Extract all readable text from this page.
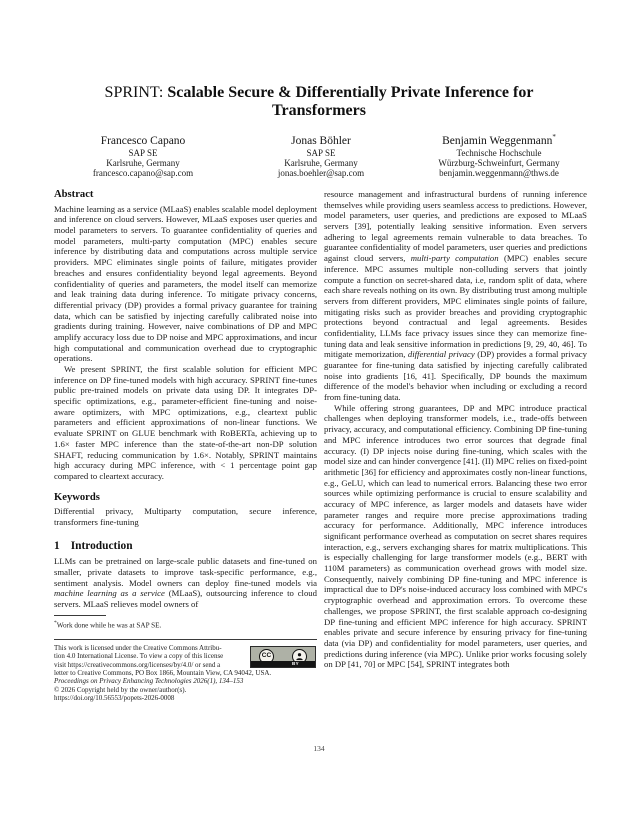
SPRINT: Scalable Secure & Differentially Private Inference for
Transformers
Francesco Capano
SAP SE
Karlsruhe, Germany
francesco.capano@sap.com
Jonas Böhler
SAP SE
Karlsruhe, Germany
jonas.boehler@sap.com
Benjamin Weggenmann*
Technische Hochschule
Würzburg-Schweinfurt, Germany
benjamin.weggenmann@thws.de
Abstract

Machine learning as a service (MLaaS) enables scalable model deployment and inference on cloud servers. However, MLaaS exposes user queries and model parameters to servers. To guarantee confidentiality of queries and model parameters, multi-party computation (MPC) enables secure inference by distributing data and computations across multiple service providers. MPC eliminates single points of failure, mitigates provider breaches and ensures confidentiality beyond legal agreements. Beyond confidentiality of queries and parameters, the model itself can memorize and leak training data during inference. To mitigate privacy concerns, differential privacy (DP) provides a formal privacy guarantee for training data, which can be satisfied by injecting carefully calibrated noise into gradients during training. However, naive combinations of DP and MPC amplify accuracy loss due to DP noise and MPC approximations, and incur high computational and communication overhead due to cryptographic operations.

We present SPRINT, the first scalable solution for efficient MPC inference on DP fine-tuned models with high accuracy. SPRINT fine-tunes public pre-trained models on private data using DP. It integrates DP-specific optimizations, e.g., parameter-efficient fine-tuning and noise-aware optimizers, with MPC optimizations, e.g., cleartext public parameters and efficient approximations of non-linear functions. We evaluate SPRINT on GLUE benchmark with RoBERTa, achieving up to 1.6× faster MPC inference than the state-of-the-art non-DP solution SHAFT, reducing communication by 1.6×. Notably, SPRINT maintains high accuracy during MPC inference, with < 1 percentage point gap compared to cleartext accuracy.

Keywords

Differential privacy, Multiparty computation, secure inference, transformers fine-tuning

1 Introduction

LLMs can be pretrained on large-scale public datasets and fine-tuned on smaller, private datasets to improve task-specific performance, e.g., sentiment analysis. Model owners can deploy fine-tuned models via machine learning as a service (MLaaS), outsourcing inference to cloud servers. MLaaS relieves model owners of

*Work done while he was at SAP SE.
This work is licensed under the Creative Commons Attribu-
tion 4.0 International License. To view a copy of this license
visit https://creativecommons.org/licenses/by/4.0/ or send a
letter to Creative Commons, PO Box 1866, Mountain View, CA 94042, USA.
Proceedings on Privacy Enhancing Technologies 2026(1), 134–153
© 2026 Copyright held by the owner/author(s).
https://doi.org/10.56553/popets-2026-0008
CC
BY

resource management and infrastructural burdens of running inference themselves while providing users seamless access to predictions. However, model parameters, user queries, and predictions are exposed to MLaaS servers [39], potentially leaking sensitive information. Even servers adhering to legal agreements remain vulnerable to data breaches. To guarantee confidentiality of model parameters, user queries and predictions against cloud servers, multi-party computation (MPC) enables secure inference. MPC assumes multiple non-colluding servers that jointly compute a function on secret-shared data, i.e, random split of data, where each share reveals nothing on its own. By distributing trust among multiple servers from different providers, MPC eliminates single points of failure, mitigating risks such as provider breaches and providing cryptographic protections beyond contractual and legal agreements. Besides confidentiality, LLMs face privacy issues since they can memorize fine-tuning data and leak sensitive information in predictions [9, 29, 40, 46]. To mitigate memorization, differential privacy (DP) provides a formal privacy guarantee for fine-tuning data satisfied by injecting carefully calibrated noise into gradients [16, 41]. Specifically, DP bounds the maximum difference of the model's behavior when including or excluding a record from fine-tuning data.

While offering strong guarantees, DP and MPC introduce practical challenges when deploying transformer models, i.e., trade-offs between privacy, accuracy, and computational efficiency. Combining DP fine-tuning and MPC inference introduces two error sources that degrade final accuracy. (I) DP injects noise during fine-tuning, which scales with the model size and can hinder convergence [41]. (II) MPC relies on fixed-point arithmetic [36] for efficiency and approximates costly non-linear functions, e.g., GeLU, which can lead to numerical errors. Balancing these two error sources while optimizing performance is crucial to ensure scalability and accuracy of MPC inference, as larger models and datasets have wider parameter ranges and require more precise approximations trading accuracy for performance. Additionally, MPC inference introduces significant performance overhead as computation on secret shares requires interaction, e.g., servers exchanging shares for matrix multiplications. This is especially challenging for large transformer models (e.g., BERT with 110M parameters) as communication overhead grows with model size. Consequently, naively combining DP fine-tuning and MPC inference is impractical due to DP's noise-induced accuracy loss combined with MPC's cryptographic overhead and approximation errors. To overcome these challenges, we propose SPRINT, the first scalable approach co-designing DP fine-tuning and efficient MPC inference for high accuracy. SPRINT enables private and secure inference by ensuring privacy for fine-tuning data (via DP) and confidentiality for model parameters, user queries, and predictions during inference (via MPC). Unlike prior works focusing solely on DP [41, 70] or MPC [54], SPRINT integrates both

134
